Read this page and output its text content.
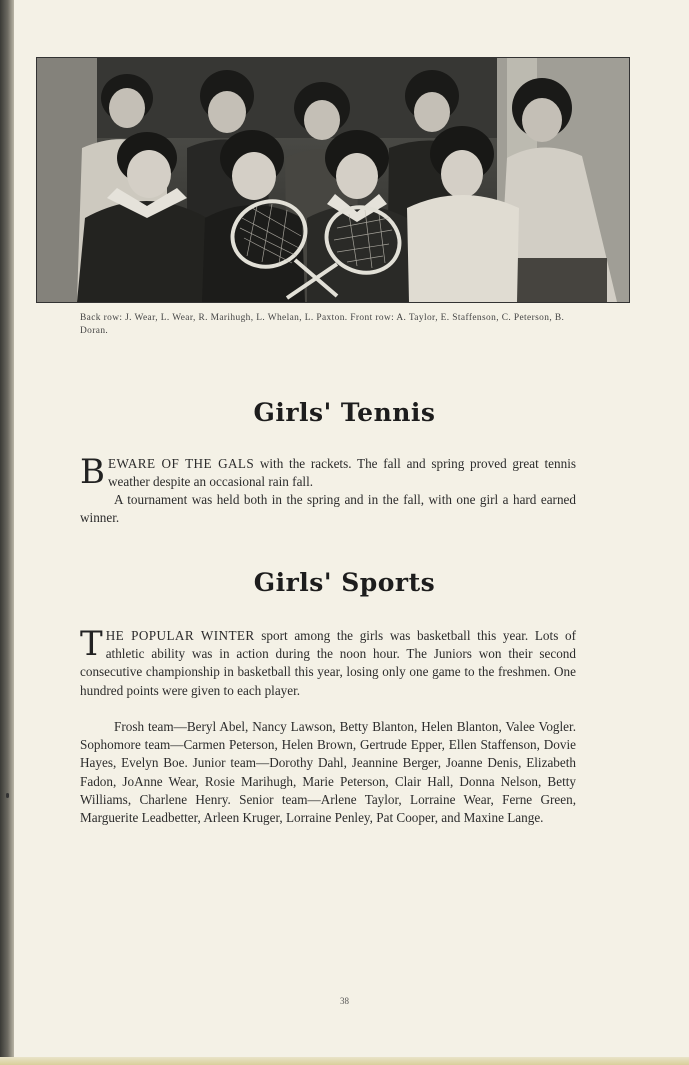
Back row: J. Wear, L. Wear, R. Marihugh, L. Whelan, L. Paxton. Front row: A. Taylor, E. Staffenson, C. Peterson, B. Doran.
Girls' Tennis
BEWARE OF THE GALS with the rackets. The fall and spring proved great tennis weather despite an occasional rain fall.

A tournament was held both in the spring and in the fall, with one girl a hard earned winner.

Girls' Sports
THE POPULAR WINTER sport among the girls was basketball this year. Lots of athletic ability was in action during the noon hour. The Juniors won their second consecutive championship in basketball this year, losing only one game to the freshmen. One hundred points were given to each player.

Frosh team—Beryl Abel, Nancy Lawson, Betty Blanton, Helen Blanton, Valee Vogler. Sophomore team—Carmen Peterson, Helen Brown, Gertrude Epper, Ellen Staffenson, Dovie Hayes, Evelyn Boe. Junior team—Dorothy Dahl, Jeannine Berger, Joanne Denis, Elizabeth Fadon, JoAnne Wear, Rosie Marihugh, Marie Peterson, Clair Hall, Donna Nelson, Betty Williams, Charlene Henry. Senior team—Arlene Taylor, Lorraine Wear, Ferne Green, Marguerite Leadbetter, Arleen Kruger, Lorraine Penley, Pat Cooper, and Maxine Lange.

38
